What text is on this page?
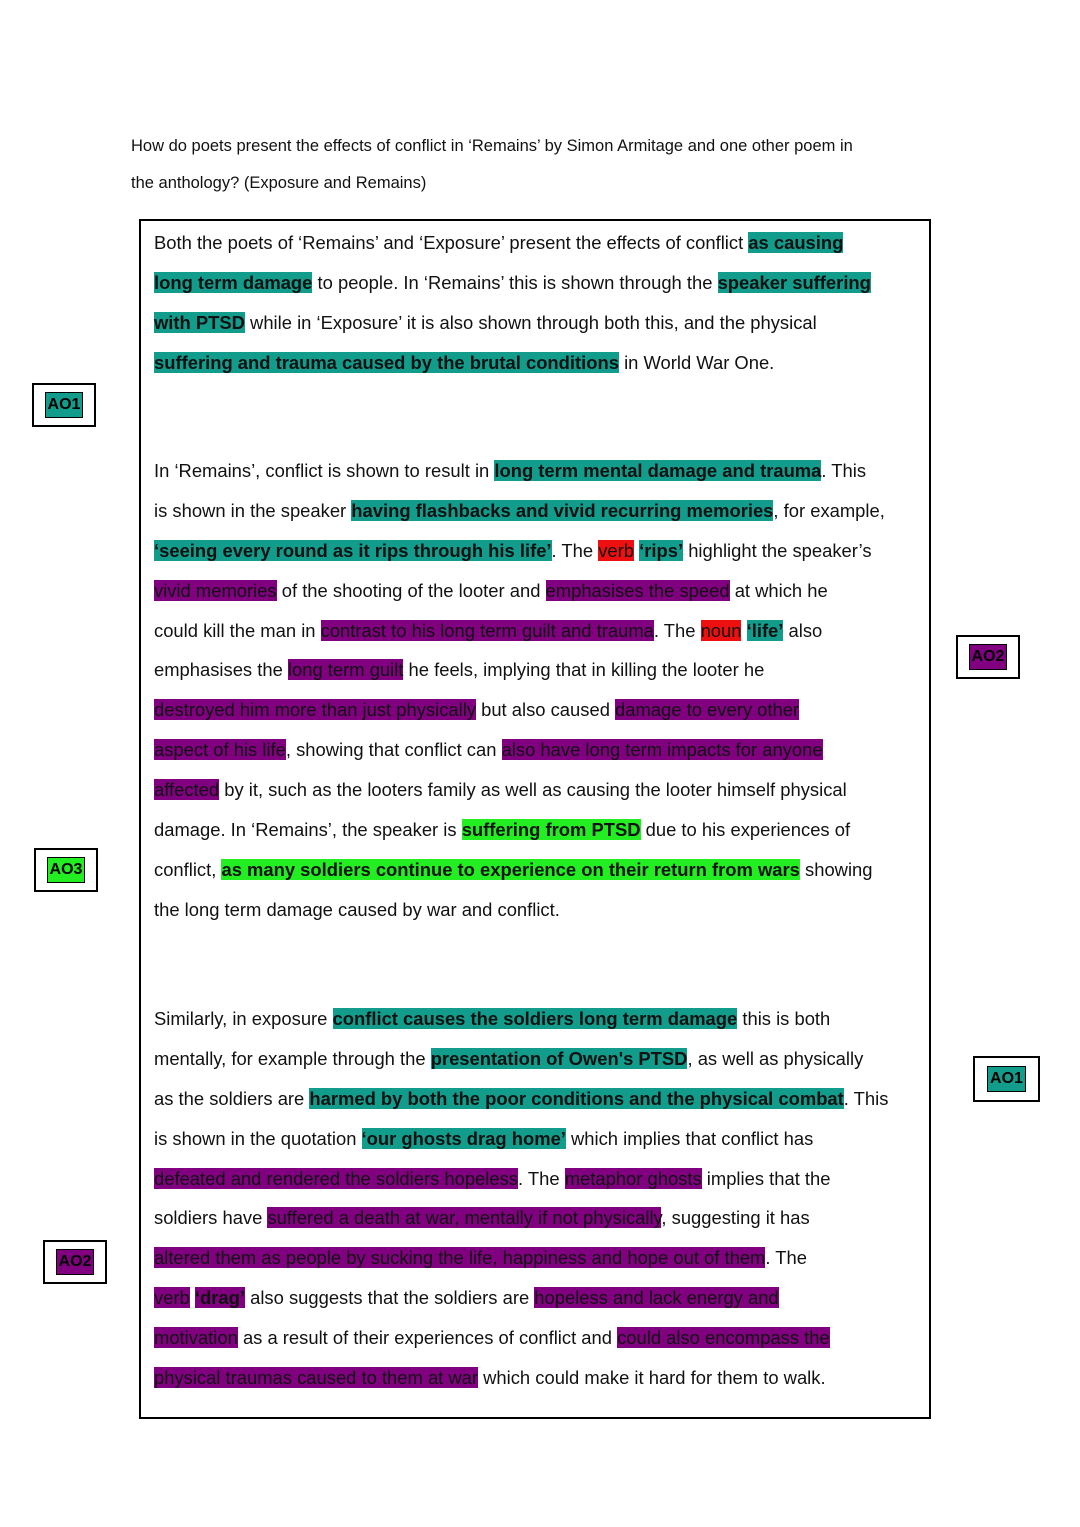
How do poets present the effects of conflict in ‘Remains’ by Simon Armitage and one other poem in
the anthology? (Exposure and Remains)
AO1
AO3
AO2
AO2
AO1
Both the poets of ‘Remains’ and ‘Exposure’ present the effects of conflict as causing
long term damage to people. In ‘Remains’ this is shown through the speaker suffering
with PTSD while in ‘Exposure’ it is also shown through both this, and the physical
suffering and trauma caused by the brutal conditions in World War One.
In ‘Remains’, conflict is shown to result in long term mental damage and trauma. This
is shown in the speaker having flashbacks and vivid recurring memories, for example,
‘seeing every round as it rips through his life’. The verb ‘rips’ highlight the speaker’s
vivid memories of the shooting of the looter and emphasises the speed at which he
could kill the man in contrast to his long term guilt and trauma. The noun ‘life’ also
emphasises the long term guilt he feels, implying that in killing the looter he
destroyed him more than just physically but also caused damage to every other
aspect of his life, showing that conflict can also have long term impacts for anyone
affected by it, such as the looters family as well as causing the looter himself physical
damage. In ‘Remains’, the speaker is suffering from PTSD due to his experiences of
conflict, as many soldiers continue to experience on their return from wars showing
the long term damage caused by war and conflict.
Similarly, in exposure conflict causes the soldiers long term damage this is both
mentally, for example through the presentation of Owen's PTSD, as well as physically
as the soldiers are harmed by both the poor conditions and the physical combat. This
is shown in the quotation ‘our ghosts drag home’ which implies that conflict has
defeated and rendered the soldiers hopeless. The metaphor ghosts implies that the
soldiers have suffered a death at war, mentally if not physically, suggesting it has
altered them as people by sucking the life, happiness and hope out of them. The
verb ‘drag’ also suggests that the soldiers are hopeless and lack energy and
motivation as a result of their experiences of conflict and could also encompass the
physical traumas caused to them at war which could make it hard for them to walk.
